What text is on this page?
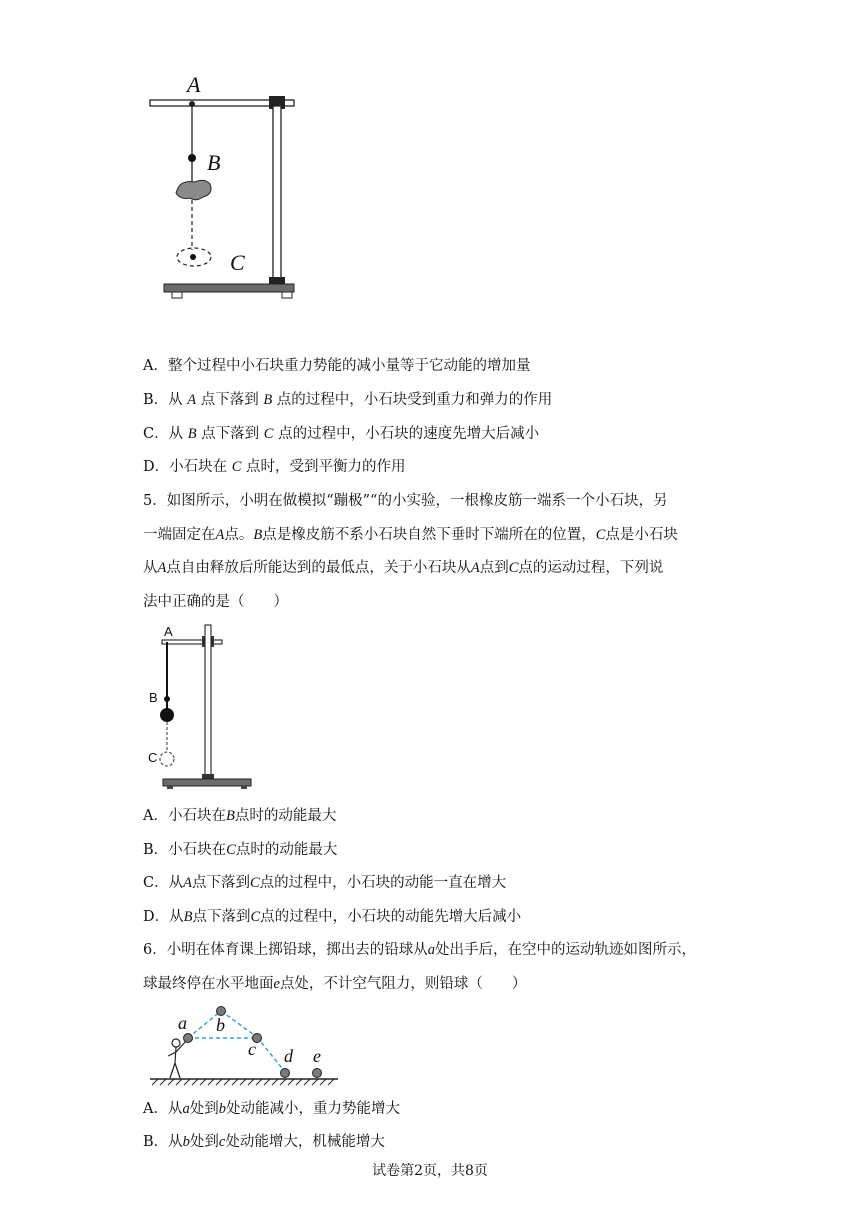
A
B
C
A．整个过程中小石块重力势能的减小量等于它动能的增加量
B．从 A 点下落到 B 点的过程中，小石块受到重力和弹力的作用
C．从 B 点下落到 C 点的过程中，小石块的速度先增大后减小
D．小石块在 C 点时，受到平衡力的作用
5．如图所示，小明在做模拟“蹦极”“的小实验，一根橡皮筋一端系一个小石块，另
一端固定在A点。B点是橡皮筋不系小石块自然下垂时下端所在的位置，C点是小石块
从A点自由释放后所能达到的最低点，关于小石块从A点到C点的运动过程，下列说
法中正确的是（　　）
A
B
C
A．小石块在B点时的动能最大
B．小石块在C点时的动能最大
C．从A点下落到C点的过程中，小石块的动能一直在增大
D．从B点下落到C点的过程中，小石块的动能先增大后减小
6．小明在体育课上掷铅球，掷出去的铅球从a处出手后，在空中的运动轨迹如图所示，
球最终停在水平地面e点处，不计空气阻力，则铅球（　　）
a b
c d e
A．从a处到b处动能减小，重力势能增大
B．从b处到c处动能增大，机械能增大
试卷第2页，共8页
